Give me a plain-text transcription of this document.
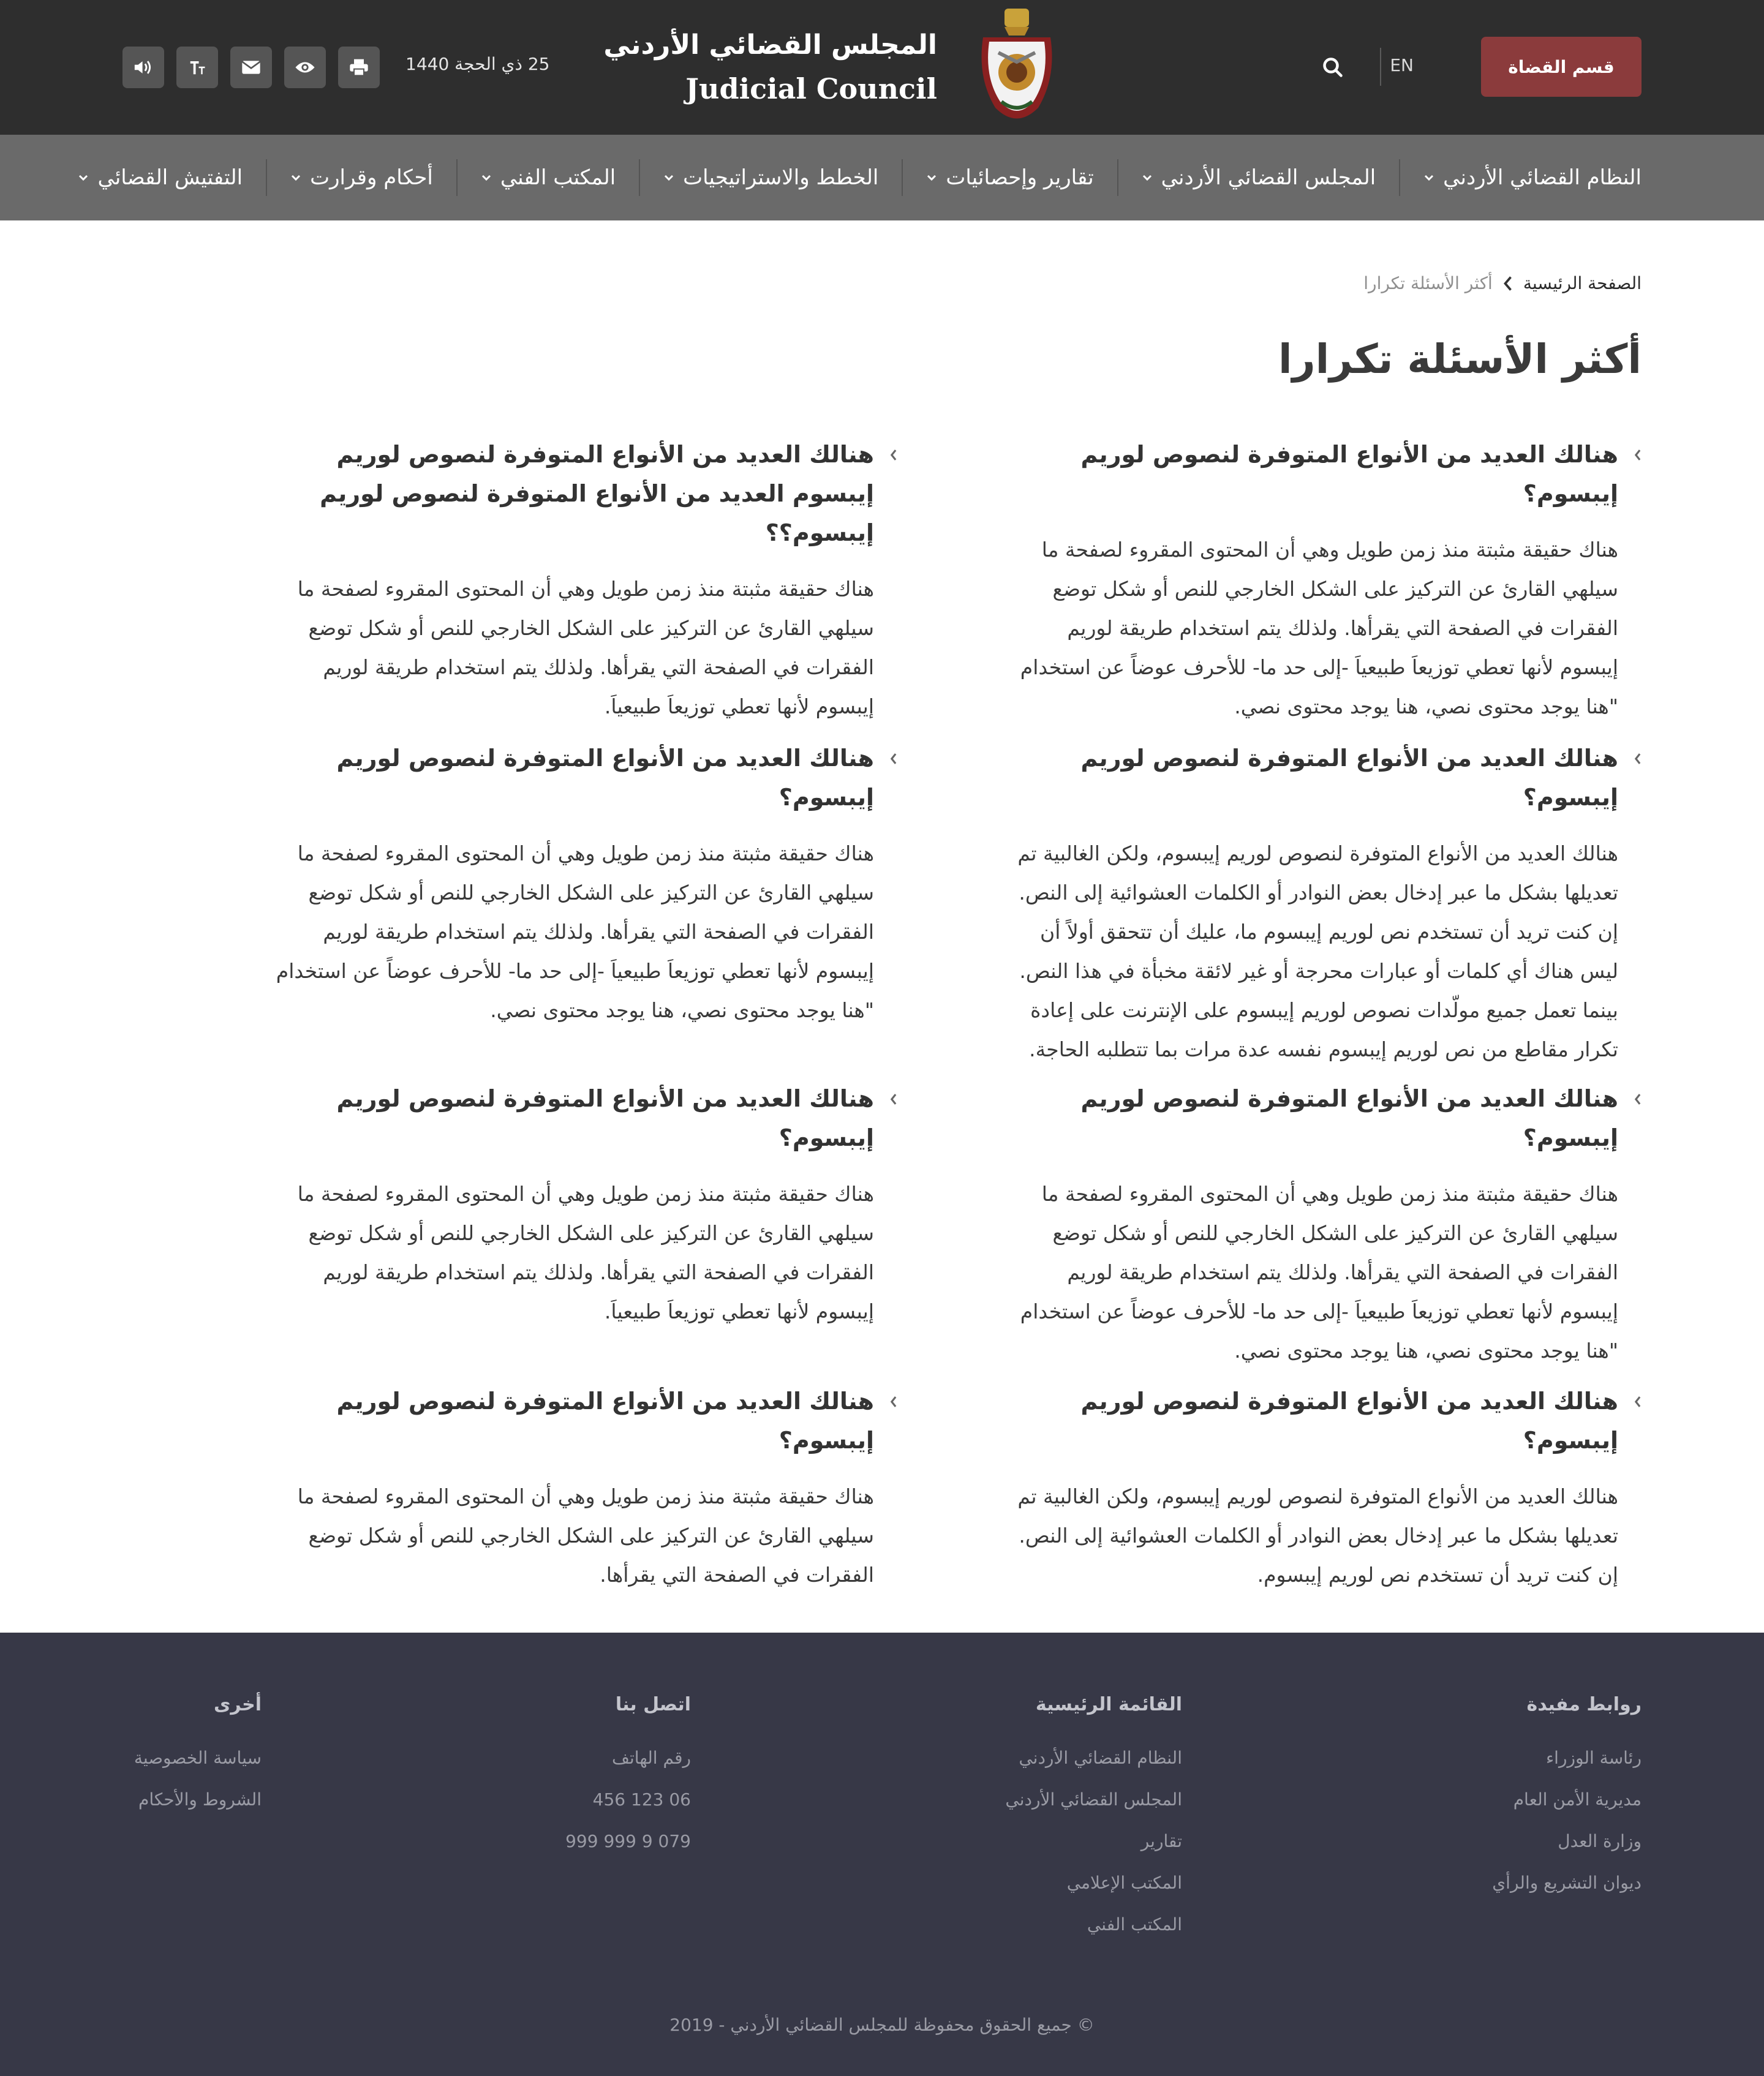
قسم القضاة
EN
المجلس القضائي الأردني
Judicial Council
25 ذي الحجة 1440
النظام القضائي الأردني
المجلس القضائي الأردني
تقارير وإحصائيات
الخطط والاستراتيجيات
المكتب الفني
أحكام وقرارت
التفتيش القضائي
الصفحة الرئيسية
أكثر الأسئلة تكرارا
أكثر الأسئلة تكرارا
هنالك العديد من الأنواع المتوفرة لنصوص لوريم إيبسوم؟
هناك حقيقة مثبتة منذ زمن طويل وهي أن المحتوى المقروء لصفحة ما سيلهي القارئ عن التركيز على الشكل الخارجي للنص أو شكل توضع الفقرات في الصفحة التي يقرأها. ولذلك يتم استخدام طريقة لوريم إيبسوم لأنها تعطي توزيعاَ طبيعياَ -إلى حد ما- للأحرف عوضاً عن استخدام "هنا يوجد محتوى نصي، هنا يوجد محتوى نصي.
هنالك العديد من الأنواع المتوفرة لنصوص لوريم إيبسوم العديد من الأنواع المتوفرة لنصوص لوريم إيبسوم؟؟
هناك حقيقة مثبتة منذ زمن طويل وهي أن المحتوى المقروء لصفحة ما سيلهي القارئ عن التركيز على الشكل الخارجي للنص أو شكل توضع الفقرات في الصفحة التي يقرأها. ولذلك يتم استخدام طريقة لوريم إيبسوم لأنها تعطي توزيعاَ طبيعياَ.
هنالك العديد من الأنواع المتوفرة لنصوص لوريم إيبسوم؟
هنالك العديد من الأنواع المتوفرة لنصوص لوريم إيبسوم، ولكن الغالبية تم تعديلها بشكل ما عبر إدخال بعض النوادر أو الكلمات العشوائية إلى النص. إن كنت تريد أن تستخدم نص لوريم إيبسوم ما، عليك أن تتحقق أولاً أن ليس هناك أي كلمات أو عبارات محرجة أو غير لائقة مخبأة في هذا النص. بينما تعمل جميع مولّدات نصوص لوريم إيبسوم على الإنترنت على إعادة تكرار مقاطع من نص لوريم إيبسوم نفسه عدة مرات بما تتطلبه الحاجة.
هنالك العديد من الأنواع المتوفرة لنصوص لوريم إيبسوم؟
هناك حقيقة مثبتة منذ زمن طويل وهي أن المحتوى المقروء لصفحة ما سيلهي القارئ عن التركيز على الشكل الخارجي للنص أو شكل توضع الفقرات في الصفحة التي يقرأها. ولذلك يتم استخدام طريقة لوريم إيبسوم لأنها تعطي توزيعاَ طبيعياَ -إلى حد ما- للأحرف عوضاً عن استخدام "هنا يوجد محتوى نصي، هنا يوجد محتوى نصي.
هنالك العديد من الأنواع المتوفرة لنصوص لوريم إيبسوم؟
هناك حقيقة مثبتة منذ زمن طويل وهي أن المحتوى المقروء لصفحة ما سيلهي القارئ عن التركيز على الشكل الخارجي للنص أو شكل توضع الفقرات في الصفحة التي يقرأها. ولذلك يتم استخدام طريقة لوريم إيبسوم لأنها تعطي توزيعاَ طبيعياَ -إلى حد ما- للأحرف عوضاً عن استخدام "هنا يوجد محتوى نصي، هنا يوجد محتوى نصي.
هنالك العديد من الأنواع المتوفرة لنصوص لوريم إيبسوم؟
هناك حقيقة مثبتة منذ زمن طويل وهي أن المحتوى المقروء لصفحة ما سيلهي القارئ عن التركيز على الشكل الخارجي للنص أو شكل توضع الفقرات في الصفحة التي يقرأها. ولذلك يتم استخدام طريقة لوريم إيبسوم لأنها تعطي توزيعاَ طبيعياَ.
هنالك العديد من الأنواع المتوفرة لنصوص لوريم إيبسوم؟
هنالك العديد من الأنواع المتوفرة لنصوص لوريم إيبسوم، ولكن الغالبية تم تعديلها بشكل ما عبر إدخال بعض النوادر أو الكلمات العشوائية إلى النص. إن كنت تريد أن تستخدم نص لوريم إيبسوم.
هنالك العديد من الأنواع المتوفرة لنصوص لوريم إيبسوم؟
هناك حقيقة مثبتة منذ زمن طويل وهي أن المحتوى المقروء لصفحة ما سيلهي القارئ عن التركيز على الشكل الخارجي للنص أو شكل توضع الفقرات في الصفحة التي يقرأها.
روابط مفيدة
رئاسة الوزراء
مديرية الأمن العام
وزارة العدل
ديوان التشريع والرأي
القائمة الرئيسية
النظام القضائي الأردني
المجلس القضائي الأردني
تقارير
المكتب الإعلامي
المكتب الفني
اتصل بنا
رقم الهاتف
06 123 456
079 9 999 999
أخرى
سياسة الخصوصية
الشروط والأحكام
© جميع الحقوق محفوظة للمجلس القضائي الأردني - 2019
